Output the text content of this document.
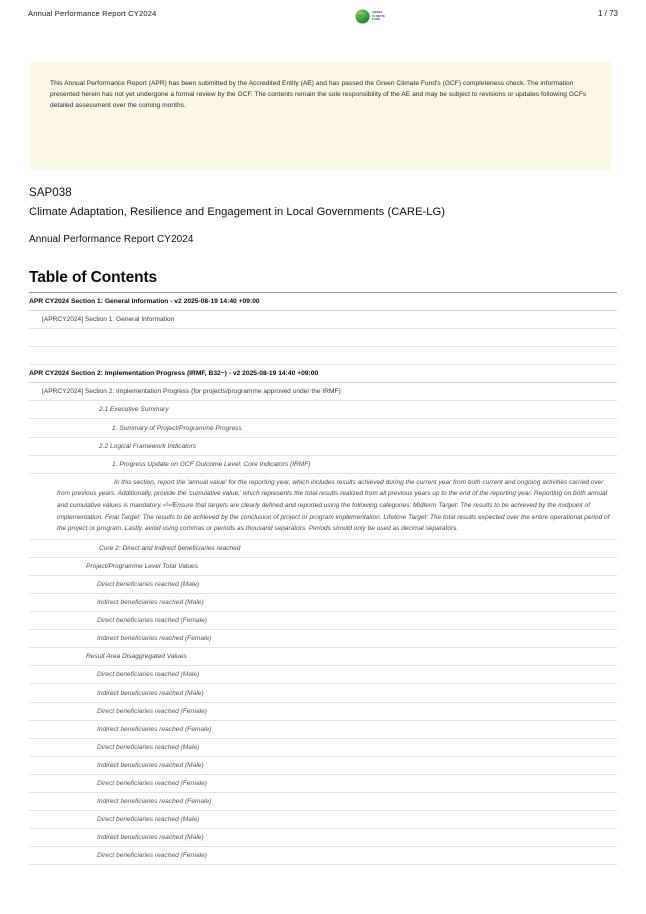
Annual Performance Report CY2024	GREEN
CLIMATE
FUND
1 / 73
This Annual Performance Report (APR) has been submitted by the Accredited Entity (AE) and has passed the Green Climate Fund's (GCF) completeness check. The information presented herein has not yet undergone a formal review by the GCF. The contents remain the sole responsibility of the AE and may be subject to revisions or updates following GCFs detailed assessment over the coming months.
SAP038
Climate Adaptation, Resilience and Engagement in Local Governments (CARE-LG)
Annual Performance Report CY2024
Table of Contents
APR CY2024 Section 1: General Information - v2 2025-08-19 14:40 +09:00
[APRCY2024] Section 1: General Information
APR CY2024 Section 2: Implementation Progress (IRMF, B32~) - v2 2025-08-19 14:40 +09:00
[APRCY2024] Section 2: Implementation Progress (for projects/programme approved under the IRMF)
2.1 Executive Summary
1. Summary of Project/Programme Progress
2.2 Logical Framework Indicators
1. Progress Update on GCF Outcome Level: Core Indicators (IRMF)
In this section, report the 'annual value' for the reporting year, which includes results achieved during the current year from both current and ongoing activities carried over from previous years. Additionally, provide the 'cumulative value,' which represents the total results realized from all previous years up to the end of the reporting year. Reporting on both annual and cumulative values is mandatory.⏎⏎Ensure that targets are clearly defined and reported using the following categories: Midterm Target: The results to be achieved by the midpoint of implementation. Final Target: The results to be achieved by the conclusion of project or program implementation. Lifetime Target: The total results expected over the entire operational period of the project or program. Lastly, avoid using commas or periods as thousand separators. Periods should only be used as decimal separators.
Core 2: Direct and Indirect beneficiaries reached
Project/Programme Level Total Values
Direct beneficiaries reached (Male)
Indirect beneficiaries reached (Male)
Direct beneficiaries reached (Female)
Indirect beneficiaries reached (Female)
Result Area Disaggregated Values
Direct beneficiaries reached (Male)
Indirect beneficiaries reached (Male)
Direct beneficiaries reached (Female)
Indirect beneficiaries reached (Female)
Direct beneficiaries reached (Male)
Indirect beneficiaries reached (Male)
Direct beneficiaries reached (Female)
Indirect beneficiaries reached (Female)
Direct beneficiaries reached (Male)
Indirect beneficiaries reached (Male)
Direct beneficiaries reached (Female)
